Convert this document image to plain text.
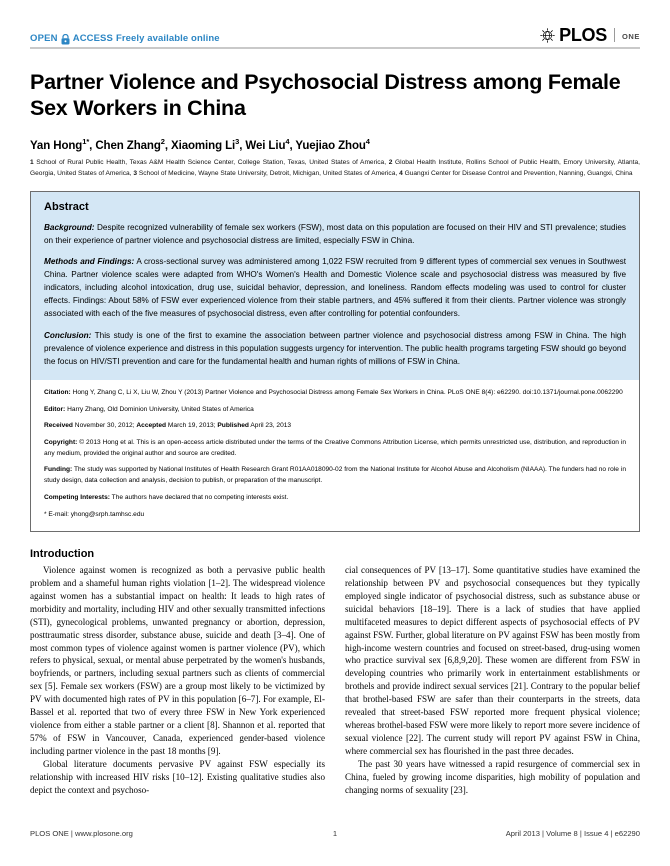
OPEN ACCESS Freely available online	PLOS ONE
Partner Violence and Psychosocial Distress among Female Sex Workers in China
Yan Hong$^{1*}$, Chen Zhang$^2$, Xiaoming Li$^3$, Wei Liu$^4$, Yuejiao Zhou$^4$
1 School of Rural Public Health, Texas A&M Health Science Center, College Station, Texas, United States of America, 2 Global Health Institute, Rollins School of Public Health, Emory University, Atlanta, Georgia, United States of America, 3 School of Medicine, Wayne State University, Detroit, Michigan, United States of America, 4 Guangxi Center for Disease Control and Prevention, Nanning, Guangxi, China
Abstract

Background: Despite recognized vulnerability of female sex workers (FSW), most data on this population are focused on their HIV and STI prevalence; studies on their experience of partner violence and psychosocial distress are limited, especially FSW in China.

Methods and Findings: A cross-sectional survey was administered among 1,022 FSW recruited from 9 different types of commercial sex venues in Southwest China. Partner violence scales were adapted from WHO's Women's Health and Domestic Violence scale and psychosocial distress was measured by five indicators, including alcohol intoxication, drug use, suicidal behavior, depression, and loneliness. Random effects modeling was used to control for cluster effects. Findings: About 58% of FSW ever experienced violence from their stable partners, and 45% suffered it from their clients. Partner violence was strongly associated with each of the five measures of psychosocial distress, even after controlling for potential confounders.

Conclusion: This study is one of the first to examine the association between partner violence and psychosocial distress among FSW in China. The high prevalence of violence experience and distress in this population suggests urgency for intervention. The public health programs targeting FSW should go beyond the focus on HIV/STI prevention and care for the fundamental health and human rights of millions of FSW in China.

Citation: Hong Y, Zhang C, Li X, Liu W, Zhou Y (2013) Partner Violence and Psychosocial Distress among Female Sex Workers in China. PLoS ONE 8(4): e62290. doi:10.1371/journal.pone.0062290

Editor: Harry Zhang, Old Dominion University, United States of America

Received November 30, 2012; Accepted March 19, 2013; Published April 23, 2013

Copyright: © 2013 Hong et al. This is an open-access article distributed under the terms of the Creative Commons Attribution License, which permits unrestricted use, distribution, and reproduction in any medium, provided the original author and source are credited.

Funding: The study was supported by National Institutes of Health Research Grant R01AA018090-02 from the National Institute for Alcohol Abuse and Alcoholism (NIAAA). The funders had no role in study design, data collection and analysis, decision to publish, or preparation of the manuscript.

Competing Interests: The authors have declared that no competing interests exist.

* E-mail: yhong@srph.tamhsc.edu

Introduction

Violence against women is recognized as both a pervasive public health problem and a shameful human rights violation [1–2]. The widespread violence against women has a substantial impact on health: It leads to high rates of morbidity and mortality, including HIV and other sexually transmitted infections (STI), gynecological problems, unwanted pregnancy or abortion, depression, posttraumatic stress disorder, substance abuse, suicide and death [3–4]. One of most common types of violence against women is partner violence (PV), which refers to physical, sexual, or mental abuse perpetrated by the women's husbands, boyfriends, or partners, including sexual partners such as clients of commercial sex [5]. Female sex workers (FSW) are a group most likely to be victimized by PV with documented high rates of PV in this population [6–7]. For example, El-Bassel et al. reported that two of every three FSW in New York experienced violence from either a stable partner or a client [8]. Shannon et al. reported that 57% of FSW in Vancouver, Canada, experienced gender-based violence including partner violence in the past 18 months [9].

Global literature documents pervasive PV against FSW especially its relationship with increased HIV risks [10–12]. Existing qualitative studies also depict the context and psychoso-

cial consequences of PV [13–17]. Some quantitative studies have examined the relationship between PV and psychosocial consequences but they typically employed single indicator of psychosocial distress, such as substance abuse or suicidal behaviors [18–19]. There is a lack of studies that have applied multifaceted measures to depict different aspects of psychosocial effects of PV against FSW. Further, global literature on PV against FSW has been mostly from high-income western countries and focused on street-based, drug-using women who practice survival sex [6,8,9,20]. These women are different from FSW in developing countries who primarily work in entertainment establishments or brothels and provide indirect sexual services [21]. Contrary to the popular belief that brothel-based FSW are safer than their counterparts in the streets, data revealed that street-based FSW reported more frequent physical violence; whereas brothel-based FSW were more likely to report more severe incidence of sexual violence [22]. The current study will report PV against FSW in China, where commercial sex has flourished in the past three decades.

The past 30 years have witnessed a rapid resurgence of commercial sex in China, fueled by growing income disparities, high mobility of population and changing norms of sexuality [23].

PLOS ONE | www.plosone.org	1	April 2013 | Volume 8 | Issue 4 | e62290
